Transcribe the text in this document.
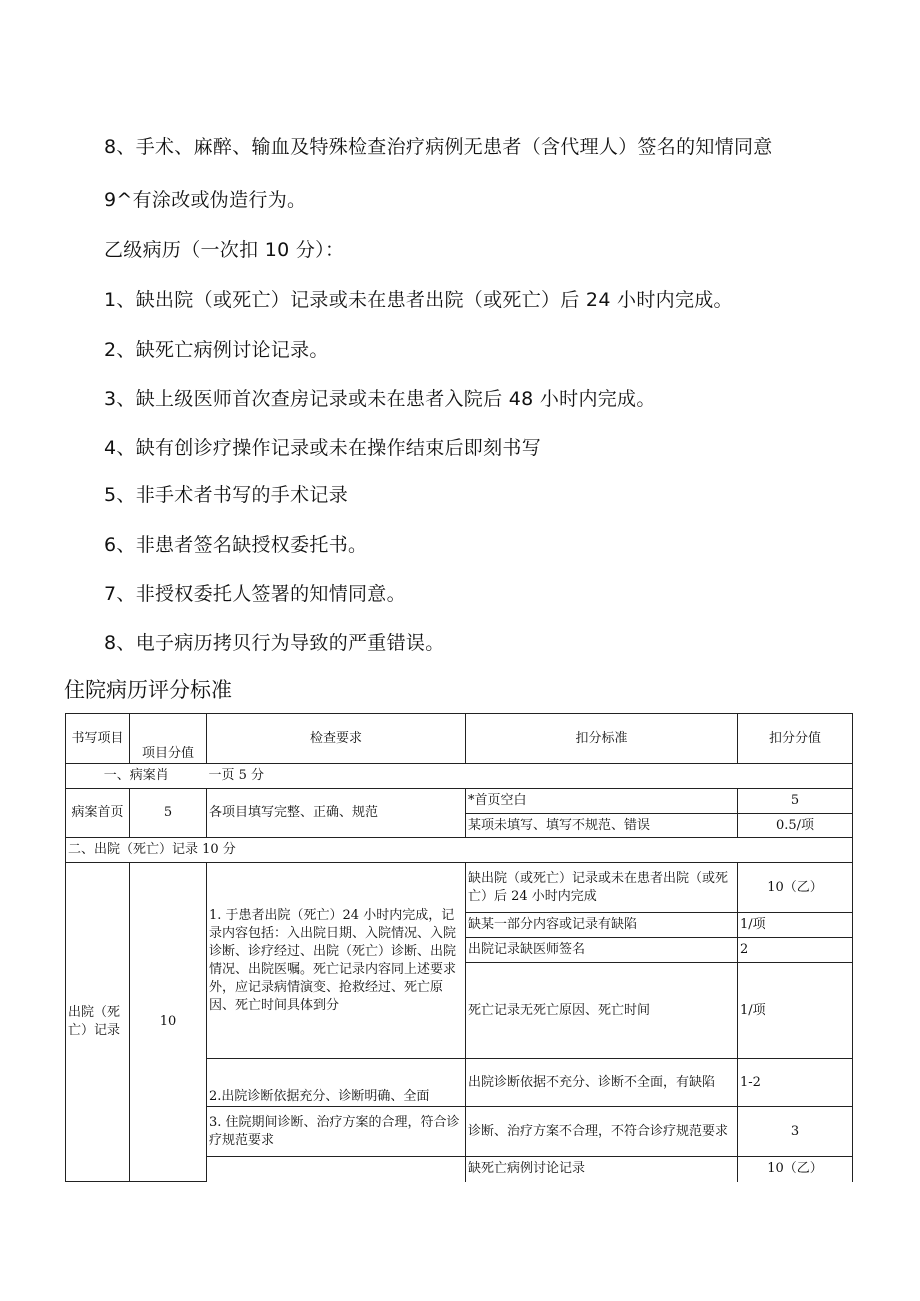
8、手术、麻醉、输血及特殊检查治疗病例无患者（含代理人）签名的知情同意
9^有涂改或伪造行为。
乙级病历（一次扣 10 分）：
1、缺出院（或死亡）记录或未在患者出院（或死亡）后 24 小时内完成。
2、缺死亡病例讨论记录。
3、缺上级医师首次查房记录或未在患者入院后 48 小时内完成。
4、缺有创诊疗操作记录或未在操作结束后即刻书写
5、非手术者书写的手术记录
6、非患者签名缺授权委托书。
7、非授权委托人签署的知情同意。
8、电子病历拷贝行为导致的严重错误。
住院病历评分标准
书写项目	项目分值	检查要求	扣分标准	扣分分值
一、病案肖		一页 5 分		
病案首页	5	各项目填写完整、正确、规范	*首页空白	5
			某项未填写、填写不规范、错误	0.5/项
二、出院（死亡）记录 10 分				
出院（死亡）记录	10	1. 于患者出院（死亡）24 小时内完成，记录内容包括：入出院日期、入院情况、入院诊断、诊疗经过、出院（死亡）诊断、出院情况、出院医嘱。死亡记录内容同上述要求外，应记录病情演变、抢救经过、死亡原因、死亡时间具体到分	缺出院（或死亡）记录或未在患者出院（或死亡）后 24 小时内完成	10（乙）
			缺某一部分内容或记录有缺陷	1/项
			出院记录缺医师签名	2
			死亡记录无死亡原因、死亡时间	1/项
		2.出院诊断依据充分、诊断明确、全面	出院诊断依据不充分、诊断不全面，有缺陷	1-2
		3. 住院期间诊断、治疗方案的合理，符合诊疗规范要求	诊断、治疗方案不合理，不符合诊疗规范要求	3
			缺死亡病例讨论记录	10（乙）
